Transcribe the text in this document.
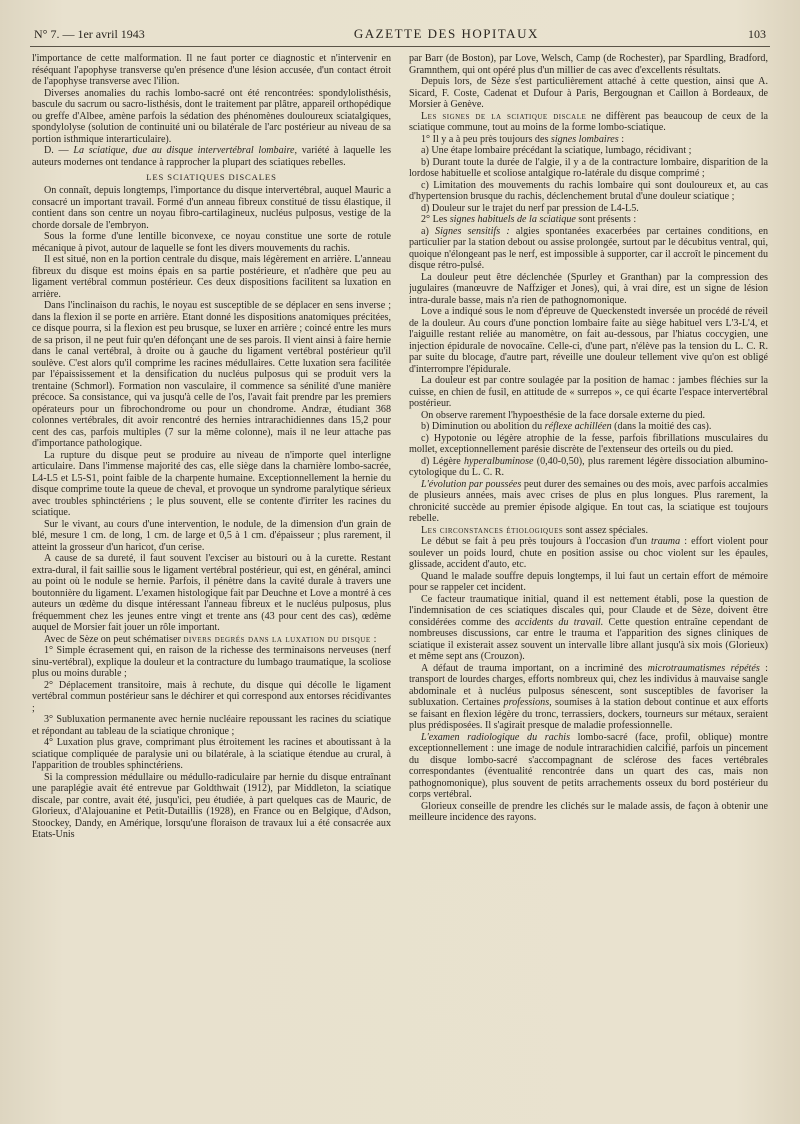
N° 7. — 1er avril 1943	GAZETTE DES HOPITAUX	103

l'importance de cette malformation. Il ne faut porter ce diagnostic et n'intervenir en réséquant l'apophyse transverse qu'en présence d'une lésion accusée, d'un contact étroit de l'apophyse transverse avec l'ilion.

Diverses anomalies du rachis lombo-sacré ont été rencontrées: spondylolisthésis, bascule du sacrum ou sacro-listhésis, dont le traitement par plâtre, appareil orthopédique ou greffe d'Albee, amène parfois la sédation des phénomènes douloureux sciatalgiques, spondylolyse (solution de continuité uni ou bilatérale de l'arc postérieur au niveau de sa portion isthmique interarticulaire).

D. — La sciatique, due au disque intervertébral lombaire, variété à laquelle les auteurs modernes ont tendance à rapprocher la plupart des sciatiques rebelles.

LES SCIATIQUES DISCALES

On connaît, depuis longtemps, l'importance du disque intervertébral, auquel Mauric a consacré un important travail. Formé d'un anneau fibreux constitué de tissu élastique, il contient dans son centre un noyau fibro-cartilagineux, nucléus pulposus, vestige de la chorde dorsale de l'embryon.

Sous la forme d'une lentille biconvexe, ce noyau constitue une sorte de rotule mécanique à pivot, autour de laquelle se font les divers mouvements du rachis.

Il est situé, non en la portion centrale du disque, mais légèrement en arrière. L'anneau fibreux du disque est moins épais en sa partie postérieure, et n'adhère que peu au ligament vertébral commun postérieur. Ces deux dispositions facilitent sa luxation en arrière.

Dans l'inclinaison du rachis, le noyau est susceptible de se déplacer en sens inverse ; dans la flexion il se porte en arrière. Etant donné les dispositions anatomiques précitées, ce disque pourra, si la flexion est peu brusque, se luxer en arrière ; coincé entre les murs de sa prison, il ne peut fuir qu'en défonçant une de ses parois. Il vient ainsi à faire hernie dans le canal vertébral, à droite ou à gauche du ligament vertébral postérieur qu'il soulève. C'est alors qu'il comprime les racines médullaires. Cette luxation sera facilitée par l'épaississement et la densification du nucléus pulposus qui se produit vers la trentaine (Schmorl). Formation non vasculaire, il commence sa sénilité d'une manière précoce. Sa consistance, qui va jusqu'à celle de l'os, l'avait fait prendre par les premiers opérateurs pour un fibrochondrome ou pour un chondrome. Andræ, étudiant 368 colonnes vertébrales, dit avoir rencontré des hernies intrarachidiennes dans 15,2 pour cent des cas, parfois multiples (7 sur la même colonne), mais il ne leur attache pas d'importance pathologique.

La rupture du disque peut se produire au niveau de n'importe quel interligne articulaire. Dans l'immense majorité des cas, elle siège dans la charnière lombo-sacrée, L4-L5 et L5-S1, point faible de la charpente humaine. Exceptionnellement la hernie du disque comprime toute la queue de cheval, et provoque un syndrome paralytique sérieux avec troubles sphinctériens ; le plus souvent, elle se contente d'irriter les racines du sciatique.

Sur le vivant, au cours d'une intervention, le nodule, de la dimension d'un grain de blé, mesure 1 cm. de long, 1 cm. de large et 0,5 à 1 cm. d'épaisseur ; plus rarement, il atteint la grosseur d'un haricot, d'un cerise.

A cause de sa dureté, il faut souvent l'exciser au bistouri ou à la curette. Restant extra-dural, il fait saillie sous le ligament vertébral postérieur, qui est, en général, aminci au point où le nodule se hernie. Parfois, il pénètre dans la cavité durale à travers une boutonnière du ligament. L'examen histologique fait par Deuchne et Love a montré à ces auteurs un œdème du disque intéressant l'anneau fibreux et le nucléus pulposus, plus fréquemment chez les jeunes entre vingt et trente ans (43 pour cent des cas), œdème auquel de Morsier fait jouer un rôle important.

Avec de Sèze on peut schématiser divers degrés dans la luxation du disque :

1° Simple écrasement qui, en raison de la richesse des terminaisons nerveuses (nerf sinu-vertébral), explique la douleur et la contracture du lumbago traumatique, la scoliose plus ou moins durable ;

2° Déplacement transitoire, mais à rechute, du disque qui décolle le ligament vertébral commun postérieur sans le déchirer et qui correspond aux entorses récidivantes ;

3° Subluxation permanente avec hernie nucléaire repoussant les racines du sciatique et répondant au tableau de la sciatique chronique ;

4° Luxation plus grave, comprimant plus étroitement les racines et aboutissant à la sciatique compliquée de paralysie uni ou bilatérale, à la sciatique étendue au crural, à l'apparition de troubles sphinctériens.

Si la compression médullaire ou médullo-radiculaire par hernie du disque entraînant une paraplégie avait été entrevue par Goldthwait (1912), par Middleton, la sciatique discale, par contre, avait été, jusqu'ici, peu étudiée, à part quelques cas de Mauric, de Glorieux, d'Alajouanine et Petit-Dutaillis (1928), en France ou en Belgique, d'Adson, Stoockey, Dandy, en Amérique, lorsqu'une floraison de travaux lui a été consacrée aux Etats-Unis

par Barr (de Boston), par Love, Welsch, Camp (de Rochester), par Spardling, Bradford, Gramnthem, qui ont opéré plus d'un millier de cas avec d'excellents résultats.

Depuis lors, de Sèze s'est particulièrement attaché à cette question, ainsi que A. Sicard, F. Coste, Cadenat et Dufour à Paris, Bergougnan et Caillon à Bordeaux, de Morsier à Genève.

Les signes de la sciatique discale ne diffèrent pas beaucoup de ceux de la sciatique commune, tout au moins de la forme lombo-sciatique.

1° Il y a à peu près toujours des signes lombaires :

a) Une étape lombaire précédant la sciatique, lumbago, récidivant ;

b) Durant toute la durée de l'algie, il y a de la contracture lombaire, disparition de la lordose habituelle et scoliose antalgique ro-latérale du disque comprimé ;

c) Limitation des mouvements du rachis lombaire qui sont douloureux et, au cas d'hypertension brusque du rachis, déclenchement brutal d'une douleur sciatique ;

d) Douleur sur le trajet du nerf par pression de L4-L5.

2° Les signes habituels de la sciatique sont présents :

a) Signes sensitifs : algies spontanées exacerbées par certaines conditions, en particulier par la station debout ou assise prolongée, surtout par le décubitus ventral, qui, quoique n'élongeant pas le nerf, est impossible à supporter, car il accroît le pincement du disque rétro-pulsé.

La douleur peut être déclenchée (Spurley et Granthan) par la compression des jugulaires (manœuvre de Naffziger et Jones), qui, à vrai dire, est un signe de lésion intra-durale basse, mais n'a rien de pathognomonique.

Love a indiqué sous le nom d'épreuve de Queckenstedt inversée un procédé de réveil de la douleur. Au cours d'une ponction lombaire faite au siège habituel vers L'3-L'4, et l'aiguille restant reliée au manomètre, on fait au-dessous, par l'hiatus coccygien, une injection épidurale de novocaïne. Celle-ci, d'une part, n'élève pas la tension du L. C. R. par suite du blocage, d'autre part, réveille une douleur tellement vive qu'on est obligé d'interrompre l'épidurale.

La douleur est par contre soulagée par la position de hamac : jambes fléchies sur la cuisse, en chien de fusil, en attitude de « surrepos », ce qui écarte l'espace intervertébral postérieur.

On observe rarement l'hypoesthésie de la face dorsale externe du pied.

b) Diminution ou abolition du réflexe achilléen (dans la moitié des cas).

c) Hypotonie ou légère atrophie de la fesse, parfois fibrillations musculaires du mollet, exceptionnellement parésie discrète de l'extenseur des orteils ou du pied.

d) Légère hyperalbuminose (0,40-0,50), plus rarement légère dissociation albumino-cytologique du L. C. R.

L'évolution par poussées peut durer des semaines ou des mois, avec parfois accalmies de plusieurs années, mais avec crises de plus en plus longues. Plus rarement, la chronicité succède au premier épisode algique. En tout cas, la sciatique est toujours rebelle.

Les circonstances étiologiques sont assez spéciales.

Le début se fait à peu près toujours à l'occasion d'un trauma : effort violent pour soulever un poids lourd, chute en position assise ou choc violent sur les épaules, glissade, accident d'auto, etc.

Quand le malade souffre depuis longtemps, il lui faut un certain effort de mémoire pour se rappeler cet incident.

Ce facteur traumatique initial, quand il est nettement établi, pose la question de l'indemnisation de ces sciatiques discales qui, pour Claude et de Sèze, doivent être considérées comme des accidents du travail. Cette question entraîne cependant de nombreuses discussions, car entre le trauma et l'apparition des signes cliniques de sciatique il existerait assez souvent un intervalle libre allant jusqu'à six mois (Glorieux) et même sept ans (Crouzon).

A défaut de trauma important, on a incriminé des microtraumatismes répétés : transport de lourdes charges, efforts nombreux qui, chez les individus à mauvaise sangle abdominale et à nucléus pulposus sénescent, sont susceptibles de favoriser la subluxation. Certaines professions, soumises à la station debout continue et aux efforts se faisant en flexion légère du tronc, terrassiers, dockers, tourneurs sur métaux, seraient plus prédisposées. Il s'agirait presque de maladie professionnelle.

L'examen radiologique du rachis lombo-sacré (face, profil, oblique) montre exceptionnellement : une image de nodule intrarachidien calcifié, parfois un pincement du disque lombo-sacré s'accompagnant de sclérose des faces vertébrales correspondantes (éventualité rencontrée dans un quart des cas, mais non pathognomonique), plus souvent de petits arrachements osseux du bord postérieur du corps vertébral.

Glorieux conseille de prendre les clichés sur le malade assis, de façon à obtenir une meilleure incidence des rayons.
